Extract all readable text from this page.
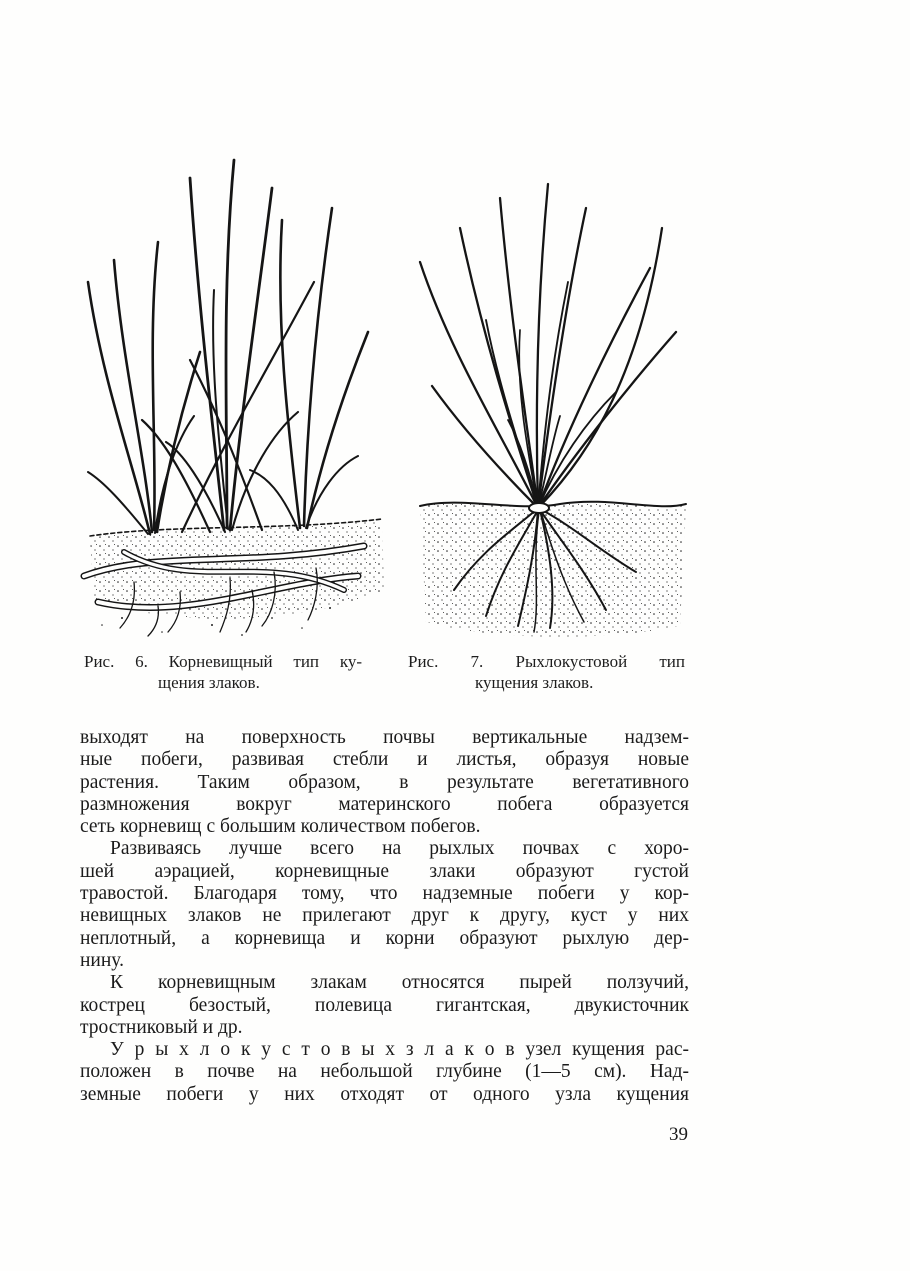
Рис. 6. Корневищный тип ку-
щения злаков.
Рис. 7. Рыхлокустовой тип
кущения злаков.
выходят на поверхность почвы вертикальные надзем-
ные побеги, развивая стебли и листья, образуя новые
растения. Таким образом, в результате вегетативного
размножения вокруг материнского побега образуется
сеть корневищ с большим количеством побегов.
Развиваясь лучше всего на рыхлых почвах с хоро-
шей аэрацией, корневищные злаки образуют густой
травостой. Благодаря тому, что надземные побеги у кор-
невищных злаков не прилегают друг к другу, куст у них
неплотный, а корневища и корни образуют рыхлую дер-
нину.
К корневищным злакам относятся пырей ползучий,
кострец безостый, полевица гигантская, двукисточник
тростниковый и др.
У р ы х л о к у с т о в ы х з л а к о в узел кущения рас-
положен в почве на небольшой глубине (1—5 см). Над-
земные побеги у них отходят от одного узла кущения
39
